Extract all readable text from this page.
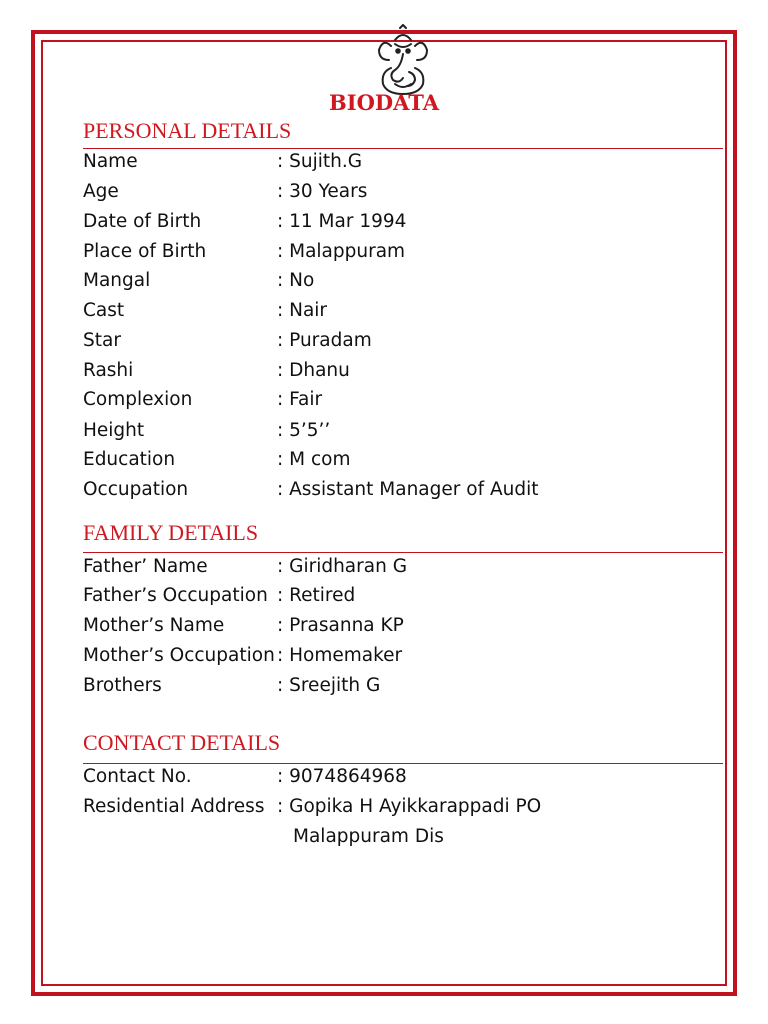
BIODATA
PERSONAL DETAILS
Name	: Sujith.G
Age	: 30 Years
Date of Birth	: 11 Mar 1994
Place of Birth	: Malappuram
Mangal	: No
Cast	: Nair
Star	: Puradam
Rashi	: Dhanu
Complexion	: Fair
Height	: 5’5’’
Education	: M com
Occupation	: Assistant Manager of Audit
FAMILY DETAILS
Father’ Name	: Giridharan G
Father’s Occupation : Retired
Mother’s Name	: Prasanna KP
Mother’s Occupation : Homemaker
Brothers	: Sreejith G
CONTACT DETAILS
Contact No.	: 9074864968
Residential Address : Gopika H Ayikkarappadi PO
Malappuram Dis
